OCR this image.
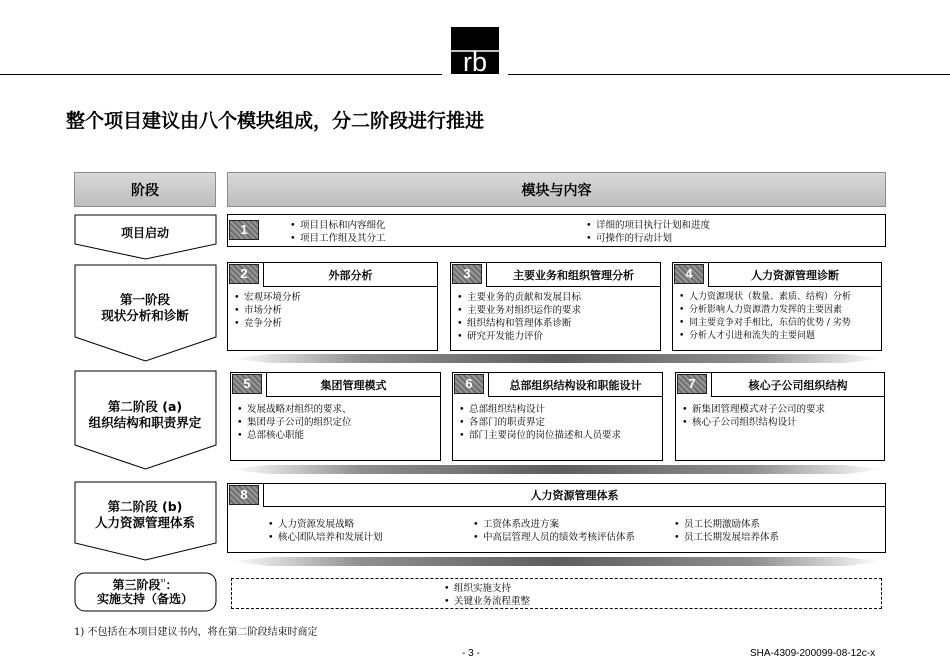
rb
整个项目建议由八个模块组成，分二阶段进行推进
阶段	模块与内容
项 目 启 动	1
•	项目目标和内容细化
• 项目工作组及其分工
• 详细的项目执行计划和进度
• 可操作的行动计划
第一阶段
现状分析和诊断
2	外部分析
• 宏观环境分析
• 市场分析
• 竞争分析
3	主要业务和组织管理分析
• 主要业务的贡献和发展目标
• 主要业务对组织运作的要求
• 组织结构和管理体系诊断
• 研究开发能力评价
4	人力资源管理诊断
• 人力资源现状（数量、素质、结构）分析
• 分析影响人力资源潜力发挥的主要因素
• 同主要竞争对手相比，东信的优势 / 劣势
• 分析人才引进和流失的主要问题
第二阶段 (a)
组织结构和职责界定
5	集团管理模式
• 发展战略对组织的要求、
• 集团母子公司的组织定位
• 总部核心职能
6	总部组织结构设和职能设计
• 总部组织结构设计
• 各部门的职责界定
• 部门主要岗位的岗位描述和人员要求
7	核心子公司组织结构
• 新集团管理模式对子公司的要求
• 核心子公司组织结构设计
第二阶段 (b)
人力资源管理体系
8	人力资源管理体系
• 人力资源发展战略
• 核心团队培养和发展计划
• 工资体系改进方案
• 中高层管理人员的绩效考核评估体系
• 员工长期激励体系
• 员工长期发展培养体系
第三阶段$^{^{1)}}$：
实施支持（备选）
• 组织实施支持
• 关键业务流程重整
1) 不包括在本项目建议书内，将在第二阶段结束时商定
- 3 -	SHA-4309-200099-08-12c-x
